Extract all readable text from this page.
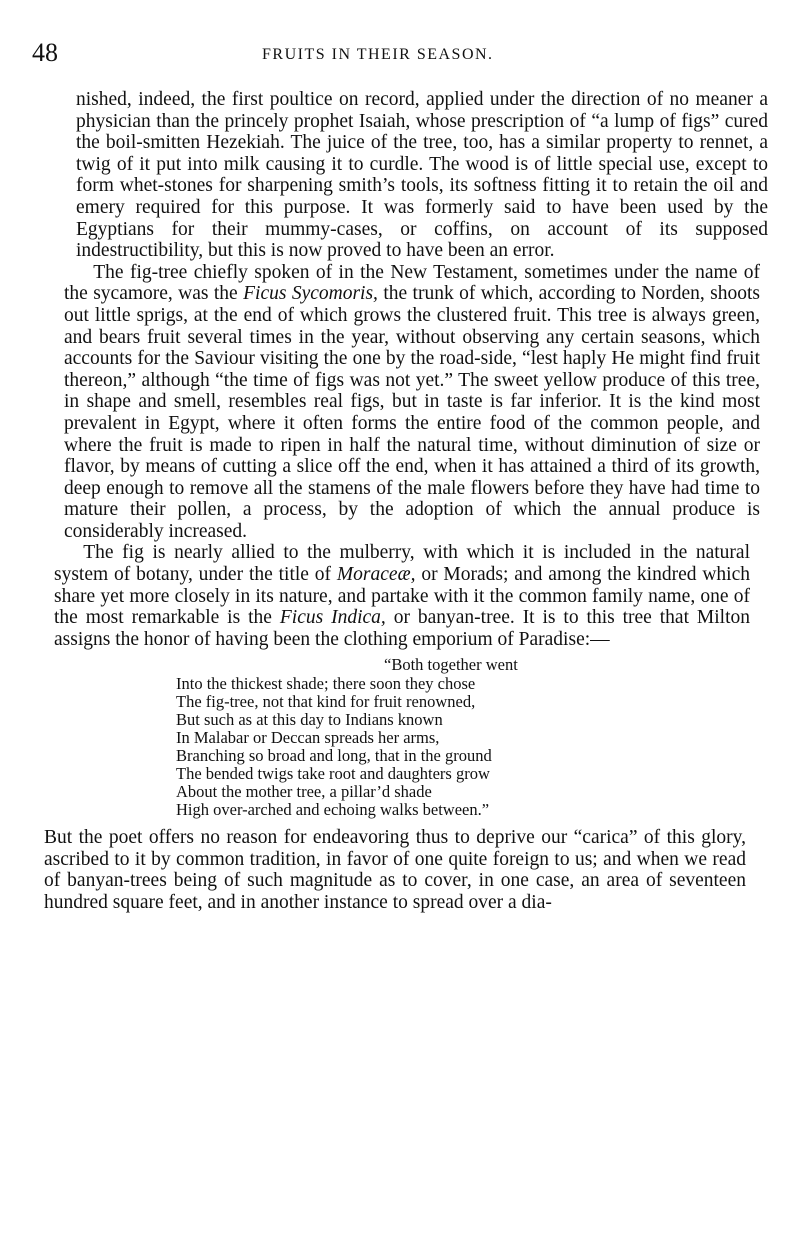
48	FRUITS IN THEIR SEASON.

nished, indeed, the first poultice on record, applied under the direction of no meaner a physician than the princely prophet Isaiah, whose prescription of “a lump of figs” cured the boil-smitten Hezekiah. The juice of the tree, too, has a similar property to rennet, a twig of it put into milk causing it to curdle. The wood is of little special use, except to form whet-stones for sharpening smith’s tools, its softness fitting it to retain the oil and emery required for this purpose. It was formerly said to have been used by the Egyptians for their mummy-cases, or coffins, on account of its supposed indestructibility, but this is now proved to have been an error.

The fig-tree chiefly spoken of in the New Testament, sometimes under the name of the sycamore, was the Ficus Sycomoris, the trunk of which, according to Norden, shoots out little sprigs, at the end of which grows the clustered fruit. This tree is always green, and bears fruit several times in the year, without observing any certain seasons, which accounts for the Saviour visiting the one by the road-side, “lest haply He might find fruit thereon,” although “the time of figs was not yet.” The sweet yellow produce of this tree, in shape and smell, resembles real figs, but in taste is far inferior. It is the kind most prevalent in Egypt, where it often forms the entire food of the common people, and where the fruit is made to ripen in half the natural time, without diminution of size or flavor, by means of cutting a slice off the end, when it has attained a third of its growth, deep enough to remove all the stamens of the male flowers before they have had time to mature their pollen, a process, by the adoption of which the annual produce is considerably increased.

The fig is nearly allied to the mulberry, with which it is included in the natural system of botany, under the title of Moraceæ, or Morads; and among the kindred which share yet more closely in its nature, and partake with it the common family name, one of the most remarkable is the Ficus Indica, or banyan-tree. It is to this tree that Milton assigns the honor of having been the clothing emporium of Paradise:—

“Both together went
Into the thickest shade; there soon they chose
The fig-tree, not that kind for fruit renowned,
But such as at this day to Indians known
In Malabar or Deccan spreads her arms,
Branching so broad and long, that in the ground
The bended twigs take root and daughters grow
About the mother tree, a pillar’d shade
High over-arched and echoing walks between.”

But the poet offers no reason for endeavoring thus to deprive our “carica” of this glory, ascribed to it by common tradition, in favor of one quite foreign to us; and when we read of banyan-trees being of such magnitude as to cover, in one case, an area of seventeen hundred square feet, and in another instance to spread over a dia-
